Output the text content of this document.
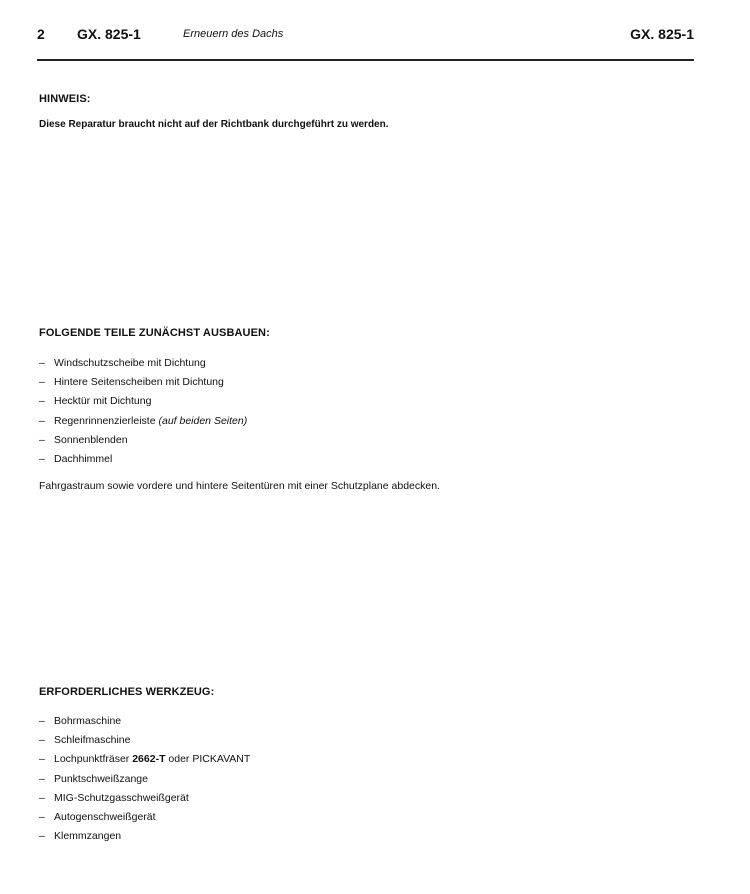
2 GX. 825-1	Erneuern des Dachs	GX. 825-1
HINWEIS:
Diese Reparatur braucht nicht auf der Richtbank durchgeführt zu werden.
FOLGENDE TEILE ZUNÄCHST AUSBAUEN:
– Windschutzscheibe mit Dichtung
– Hintere Seitenscheiben mit Dichtung
– Hecktür mit Dichtung
– Regenrinnenzierleiste (auf beiden Seiten)
– Sonnenblenden
– Dachhimmel
Fahrgastraum sowie vordere und hintere Seitentüren mit einer Schutzplane abdecken.
ERFORDERLICHES WERKZEUG:
– Bohrmaschine
– Schleifmaschine
– Lochpunktfräser 2662-T oder PICKAVANT
– Punktschweißzange
– MIG-Schutzgasschweißgerät
– Autogenschweißgerät
– Klemmzangen
